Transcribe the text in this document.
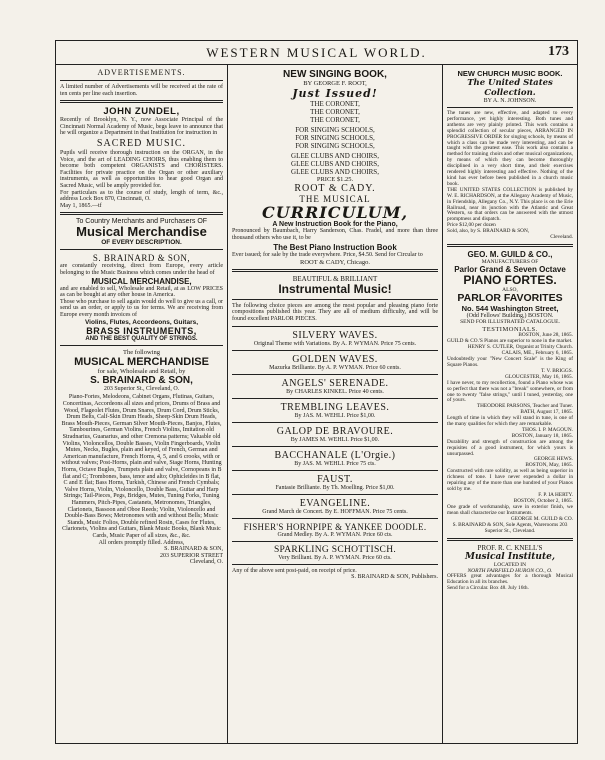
WESTERN MUSICAL WORLD.	173
ADVERTISEMENTS.

A limited number of Advertisements will be received at the rate of ten cents per line each insertion.

JOHN ZUNDEL,

Recently of Brooklyn, N. Y., now Associate Principal of the Cincinnati Normal Academy of Music, begs leave to announce that he will organize a Department in that Institution for instruction in

SACRED MUSIC.

Pupils will receive thorough instruction on the ORGAN, in the Voice, and the art of LEADING CHOIRS, thus enabling them to become both competent ORGANISTS and CHORISTERS. Facilities for private practice on the Organ or other auxiliary instruments, as well as opportunities to hear good Organ and Sacred Music, will be amply provided for.

For particulars as to the course of study, length of term, &c., address Lock Box 870, Cincinnati, O.

May 1, 1865.—tf

To Country Merchants and Purchasers OF
Musical Merchandise
OF EVERY DESCRIPTION.
S. BRAINARD & SON,

are constantly receiving, direct from Europe, every article belonging to the Music Business which comes under the head of

MUSICAL MERCHANDISE,

and are enabled to sell, Wholesale and Retail, at as LOW PRICES as can be bought at any other house in America.

Those who purchase to sell again would do well to give us a call, or send us an order, or apply to us for terms. We are receiving from Europe every month invoices of

Violins, Flutes, Accordeons, Guitars,
BRASS INSTRUMENTS,
AND THE BEST QUALITY OF STRINGS.
The following
MUSICAL MERCHANDISE
for sale, Wholesale and Retail, by
S. BRAINARD & SON,
203 Superior St., Cleveland, O.

Piano-Fortes, Melodeons, Cabinet Organs, Flutinas, Guitars, Concertinas, Accordeons all sizes and prices, Drums of Brass and Wood, Flageolet Flutes, Drum Snares, Drum Cord, Drum Sticks, Drum Belts, Calf-Skin Drum Heads, Sheep-Skin Drum Heads, Brass Mouth-Pieces, German Silver Mouth-Pieces, Banjos, Flutes, Tambourines, German Violins, French Violins, Imitation old Stradnarius, Guanarius, and other Cremona patterns; Valuable old Violins, Violoncellos, Double Basses, Violin Fingerboards, Violin Mutes, Necks, Bugles, plain and keyed, of French, German and American manufacture, French Horns, 4, 5, and 6 crooks, with or without valves; Post-Horns, plain and valve, Stage Horns, Hunting Horns, Octave Bugles, Trumpets plain and valve, Cornopeans in B flat and C; Trombones, bass, tenor and alto; Ophicleides in B flat, C and E flat; Bass Horns, Turkish, Chinese and French Cymbals; Valve Horns, Violin, Violoncello, Double Bass, Guitar and Harp Strings; Tail-Pieces, Pegs, Bridges, Mutes, Tuning Forks, Tuning Hammers, Pitch-Pipes, Castanets, Metronomes, Triangles, Clarionets, Bassoon and Oboe Reeds; Violin, Violoncello and Double-Bass Bows; Metronomes with and without Bells; Music Stands, Music Folios, Double refined Rosin, Cases for Flutes, Clarionets, Violins and Guitars, Blank Music Books, Blank Music Cards, Music Paper of all sizes, &c., &c.

All orders promptly filled. Address,

S. BRAINARD & SON,

203 SUPERIOR STREET

Cleveland, O.

NEW SINGING BOOK,
BY GEORGE F. ROOT,
Just Issued!
THE CORONET,
THE CORONET,
THE CORONET,
FOR SINGING SCHOOLS,
FOR SINGING SCHOOLS,
FOR SINGING SCHOOLS,
GLEE CLUBS AND CHOIRS,
GLEE CLUBS AND CHOIRS,
GLEE CLUBS AND CHOIRS,
PRICE $1.25.
ROOT & CADY.
THE MUSICAL
CURRICULUM,
A New Instruction Book for the Piano,

Pronounced by Baumbach, Harry Sanderson, Chas. Fradel, and more than three thousand others who use it, to be

The Best Piano Instruction Book

Ever issued; for sale by the trade everywhere. Price, $4.50. Send for Circular to

ROOT & CADY, Chicago.
BEAUTIFUL & BRILLIANT
Instrumental Music!

The following choice pieces are among the most popular and pleasing piano forte compositions published this year. They are all of medium difficulty, and will be found excellent PARLOR PIECES.

SILVERY WAVES.
Original Theme with Variations. By A. P. WYMAN. Price 75 cents.
GOLDEN WAVES.
Mazurka Brilliante. By A. P. WYMAN. Price 60 cents.
ANGELS' SERENADE.
By CHARLES KINKEL. Price 40 cents.
TREMBLING LEAVES.
By JAS. M. WEHLI. Price $1,00.
GALOP DE BRAVOURE.
By JAMES M. WEHLI. Price $1,00.
BACCHANALE (L'Orgie.)
By JAS. M. WEHLI. Price 75 cts.
FAUST.
Fantasie Brilliante. By Th. Moelling. Price $1,00.
EVANGELINE.
Grand March de Concert. By E. HOFFMAN. Price 75 cents.
FISHER'S HORNPIPE & YANKEE DOODLE.
Grand Medley. By A. P. WYMAN. Price 60 cts.
SPARKLING SCHOTTISCH.
Very Brilliant. By A. P. WYMAN. Price 60 cts.

Any of the above sent post-paid, on receipt of price.

S. BRAINARD & SON, Publishers.
NEW CHURCH MUSIC BOOK.
The United States Collection.
BY A. N. JOHNSON.

The tunes are new, effective, and adapted to every performance, yet highly interesting. Both tunes and anthems are very plainly printed. This work contains a splendid collection of secular pieces, ARRANGED IN PROGRESSIVE ORDER for singing schools, by means of which a class can be made very interesting, and can be taught with the greatest ease. This work also contains a method for training choirs and other musical organizations, by means of which they can become thoroughly disciplined in a very short time, and their exercises rendered highly interesting and effective. Nothing of the kind has ever before been published in a church music book.

THE UNITED STATES COLLECTION is published by W. E. RICHARDSON, at the Allegany Academy of Music, in Friendship, Allegany Co., N.Y. This place is on the Erie Railroad, near its junction with the Atlantic and Great Western, so that orders can be answered with the utmost promptness and dispatch.

Price $12,00 per dozen

Sold, also, by S. BRAINARD & SON,

Cleveland.

GEO. M. GUILD & CO.,
MANUFACTURERS OF
Parlor Grand & Seven Octave
PIANO FORTES.
ALSO,
PARLOR FAVORITES
No. 544 Washington Street,
(Odd Fellows' Building,) BOSTON.
SEND FOR ILLUSTRATED CATALOGUE.
TESTIMONIALS.

BOSTON, June 28, 1865.

GUILD & CO.'S Pianos are superior to none in the market.

HENRY S. CUTLER, Organist at Trinity Church.

CALAIS, ME., February 6, 1865.

Undoubtedly your "New Concert Scale" is the King of Square Pianos.

T. V. BRIGGS.

GLOUCESTER, May 16, 1865.

I have never, to my recollection, found a Piano whose was so perfect that there was not a "break" somewhere, or from one to twenty "false strings," until I tuned, yesterday, one of yours.

THEODORE PARSONS, Teacher and Tuner.

BATH, August 17, 1865.

Length of time in which they will stand in tune, is one of the many qualities for which they are remarkable.

THOS. I. P. MAGOUN.

BOSTON, January 18, 1865.

Durability and strength of construction are among the requisites of a good instrument, for which yours is unsurpassed.

GEORGE HEWS.

BOSTON, May, 1865.

Constructed with rare solidity, as well as being superior in richness of tone. I have never expended a dollar in repairing any of the more than one hundred of your Pianos sold by me.

F. P. IA HERTY.

BOSTON, October 2, 1865.

One grade of workmanship, save in exterior finish, we mean shall characterize our Instruments.

GEORGE M. GUILD & CO.

S. BRAINARD & SON, Sole Agents, Warerooms 203 Superior St., Cleveland.

PROF. R. C. KNELL'S
Musical Institute,
LOCATED IN
NORTH FAIRFIELD HURON CO., O.

OFFERS great advantages for a thorough Musical Education in all its branches.

Send for a Circular. Box 48. July 16th.
